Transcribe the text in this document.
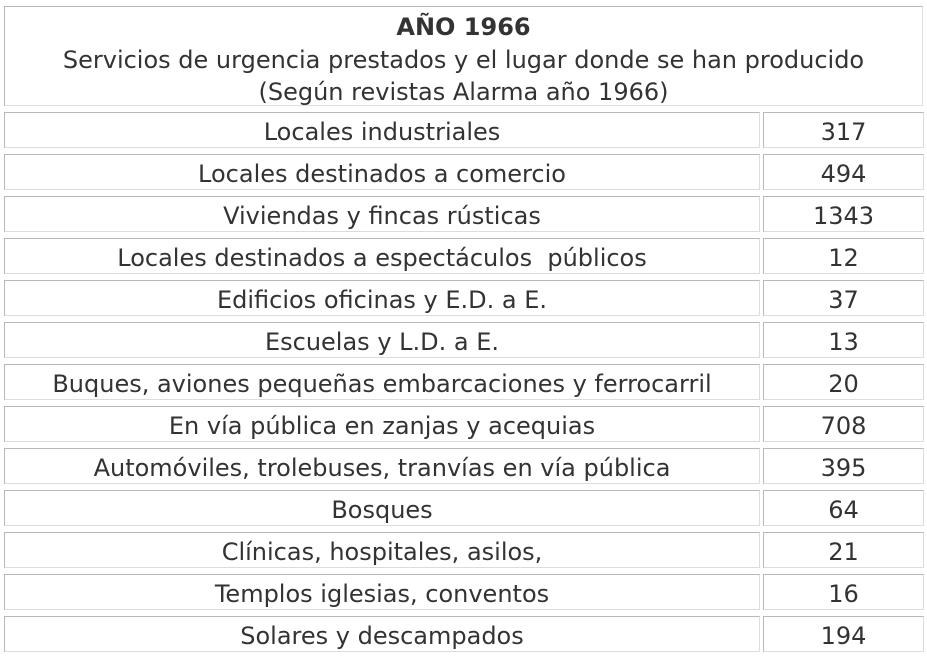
AÑO 1966
Servicios de urgencia prestados y el lugar donde se han producido
(Según revistas Alarma año 1966)
Locales industriales	317
Locales destinados a comercio	494
Viviendas y fincas rústicas	1343
Locales destinados a espectáculos  públicos	12
Edificios oficinas y E.D. a E.	37
Escuelas y L.D. a E.	13
Buques, aviones pequeñas embarcaciones y ferrocarril	20
En vía pública en zanjas y acequias	708
Automóviles, trolebuses, tranvías en vía pública	395
Bosques	64
Clínicas, hospitales, asilos,	21
Templos iglesias, conventos	16
Solares y descampados	194
